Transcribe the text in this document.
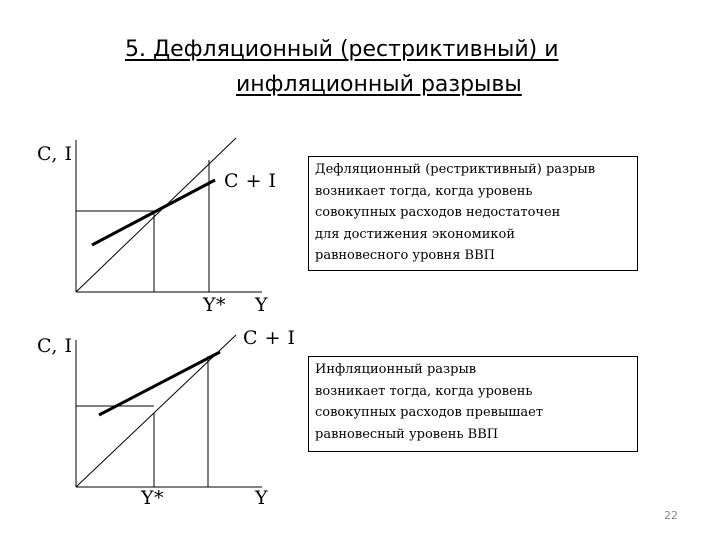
5. Дефляционный (рестриктивный) и
инфляционный разрывы
C, I
C + I
Y* Y
C, I	C + I
Y*	Y
Дефляционный (рестриктивный) разрыв
возникает тогда, когда уровень
совокупных расходов недостаточен
для достижения экономикой
равновесного уровня ВВП
Инфляционный разрыв
возникает тогда, когда уровень
совокупных расходов превышает
равновесный уровень ВВП
22
